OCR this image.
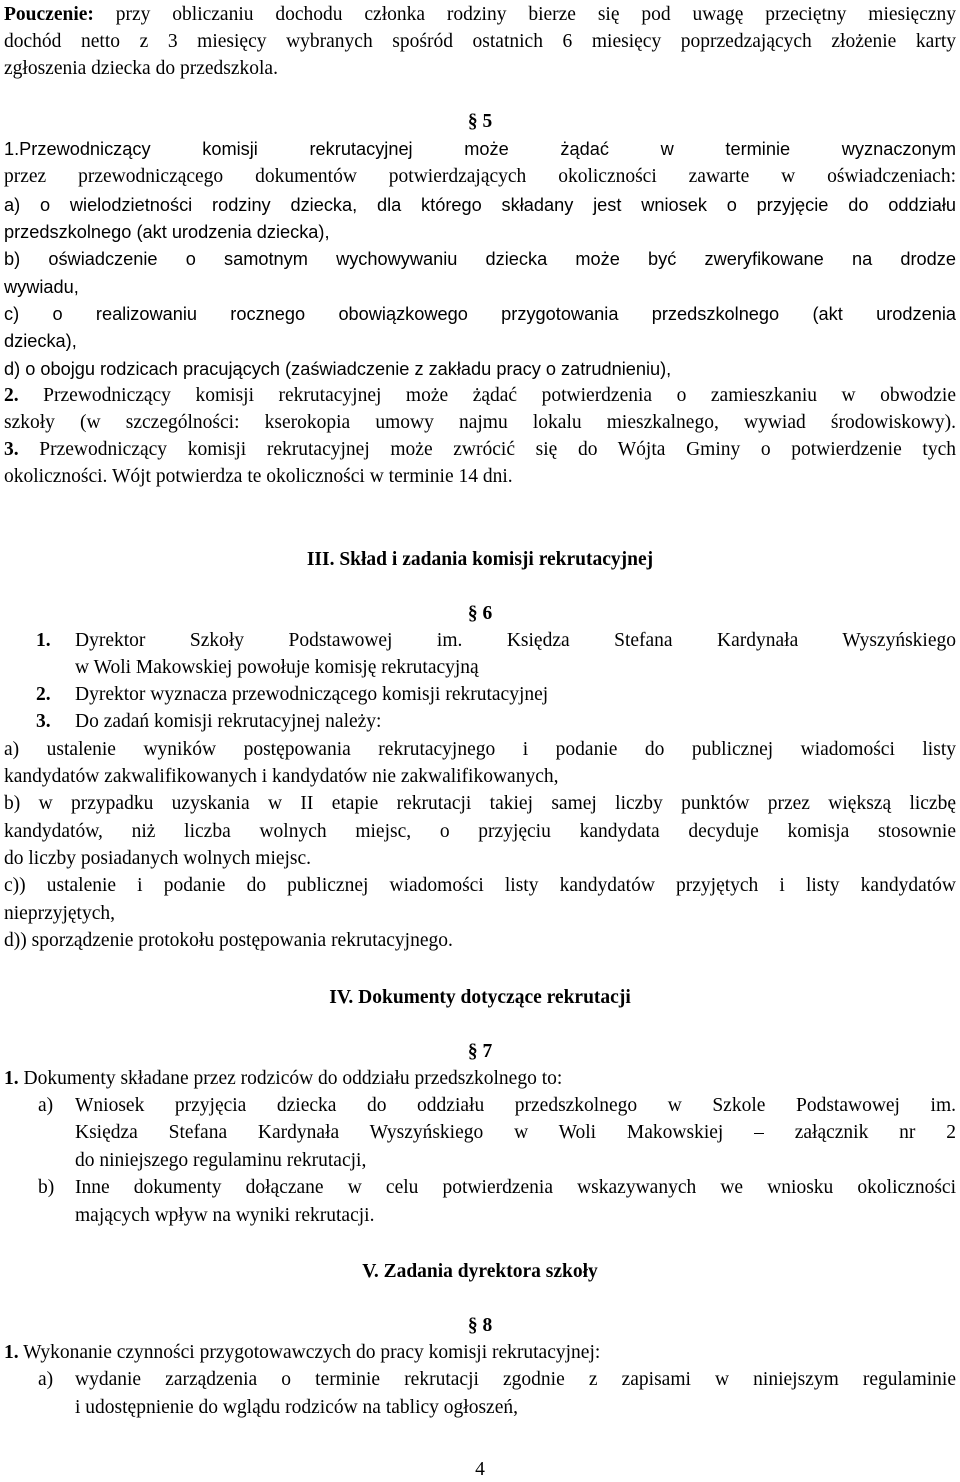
Pouczenie: przy obliczaniu dochodu członka rodziny bierze się pod uwagę przeciętny miesięczny
dochód netto z 3 miesięcy wybranych spośród ostatnich 6 miesięcy poprzedzających złożenie karty
zgłoszenia dziecka do przedszkola.
§ 5
1.Przewodniczący komisji rekrutacyjnej może żądać w terminie wyznaczonym
przez przewodniczącego dokumentów potwierdzających okoliczności zawarte w oświadczeniach:
a) o wielodzietności rodziny dziecka, dla którego składany jest wniosek o przyjęcie do oddziału
przedszkolnego (akt urodzenia dziecka),
b) oświadczenie o samotnym wychowywaniu dziecka może być zweryfikowane na drodze
wywiadu,
c) o realizowaniu rocznego obowiązkowego przygotowania przedszkolnego (akt urodzenia
dziecka),
d) o obojgu rodzicach pracujących (zaświadczenie z zakładu pracy o zatrudnieniu),
2. Przewodniczący komisji rekrutacyjnej może żądać potwierdzenia o zamieszkaniu w obwodzie
szkoły (w szczególności: kserokopia umowy najmu lokalu mieszkalnego, wywiad środowiskowy).
3. Przewodniczący komisji rekrutacyjnej może zwrócić się do Wójta Gminy o potwierdzenie tych
okoliczności. Wójt potwierdza te okoliczności w terminie 14 dni.
III. Skład i zadania komisji rekrutacyjnej
§ 6
1. Dyrektor Szkoły Podstawowej im. Księdza Stefana Kardynała Wyszyńskiego
w Woli Makowskiej powołuje komisję rekrutacyjną
2. Dyrektor wyznacza przewodniczącego komisji rekrutacyjnej
3. Do zadań komisji rekrutacyjnej należy:
a) ustalenie wyników postępowania rekrutacyjnego i podanie do publicznej wiadomości listy
kandydatów zakwalifikowanych i kandydatów nie zakwalifikowanych,
b) w przypadku uzyskania w II etapie rekrutacji takiej samej liczby punktów przez większą liczbę
kandydatów, niż liczba wolnych miejsc, o przyjęciu kandydata decyduje komisja stosownie
do liczby posiadanych wolnych miejsc.
c)) ustalenie i podanie do publicznej wiadomości listy kandydatów przyjętych i listy kandydatów
nieprzyjętych,
d)) sporządzenie protokołu postępowania rekrutacyjnego.
IV. Dokumenty dotyczące rekrutacji
§ 7
1. Dokumenty składane przez rodziców do oddziału przedszkolnego to:
a) Wniosek przyjęcia dziecka do oddziału przedszkolnego w Szkole Podstawowej im.
Księdza Stefana Kardynała Wyszyńskiego w Woli Makowskiej – załącznik nr 2
do niniejszego regulaminu rekrutacji,
b) Inne dokumenty dołączane w celu potwierdzenia wskazywanych we wniosku okoliczności
mających wpływ na wyniki rekrutacji.
V. Zadania dyrektora szkoły
§ 8
1. Wykonanie czynności przygotowawczych do pracy komisji rekrutacyjnej:
a) wydanie zarządzenia o terminie rekrutacji zgodnie z zapisami w niniejszym regulaminie
i udostępnienie do wglądu rodziców na tablicy ogłoszeń,
4
